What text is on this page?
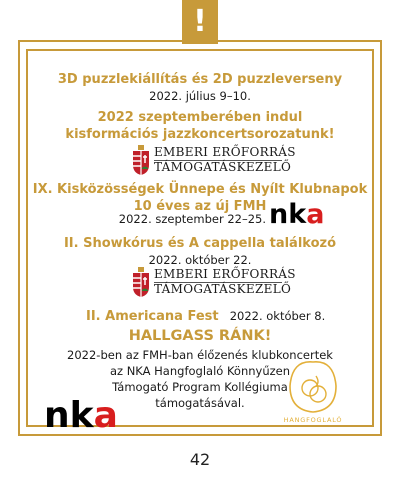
!
3D puzzlekiállítás és 2D puzzleverseny
2022. július 9–10.
2022 szeptemberében indul
kisformációs jazzkoncertsorozatunk!
EMBERI ERŐFORRÁS
TÁMOGATÁSKEZELŐ
IX. Kisközösségek Ünnepe és Nyílt Klubnapok
10 éves az új FMH
2022. szeptember 22–25. nka
II. Showkórus és A cappella találkozó
2022. október 22.
EMBERI ERŐFORRÁS
TÁMOGATÁSKEZELŐ
II. Americana Fest 2022. október 8.
HALLGASS RÁNK!
2022-ben az FMH-ban élőzenés klubkoncertek
az NKA Hangfoglaló Könnyűzen
Támogató Program Kollégiuma
támogatásával.
nka	HANGFOGLALÓ
42
